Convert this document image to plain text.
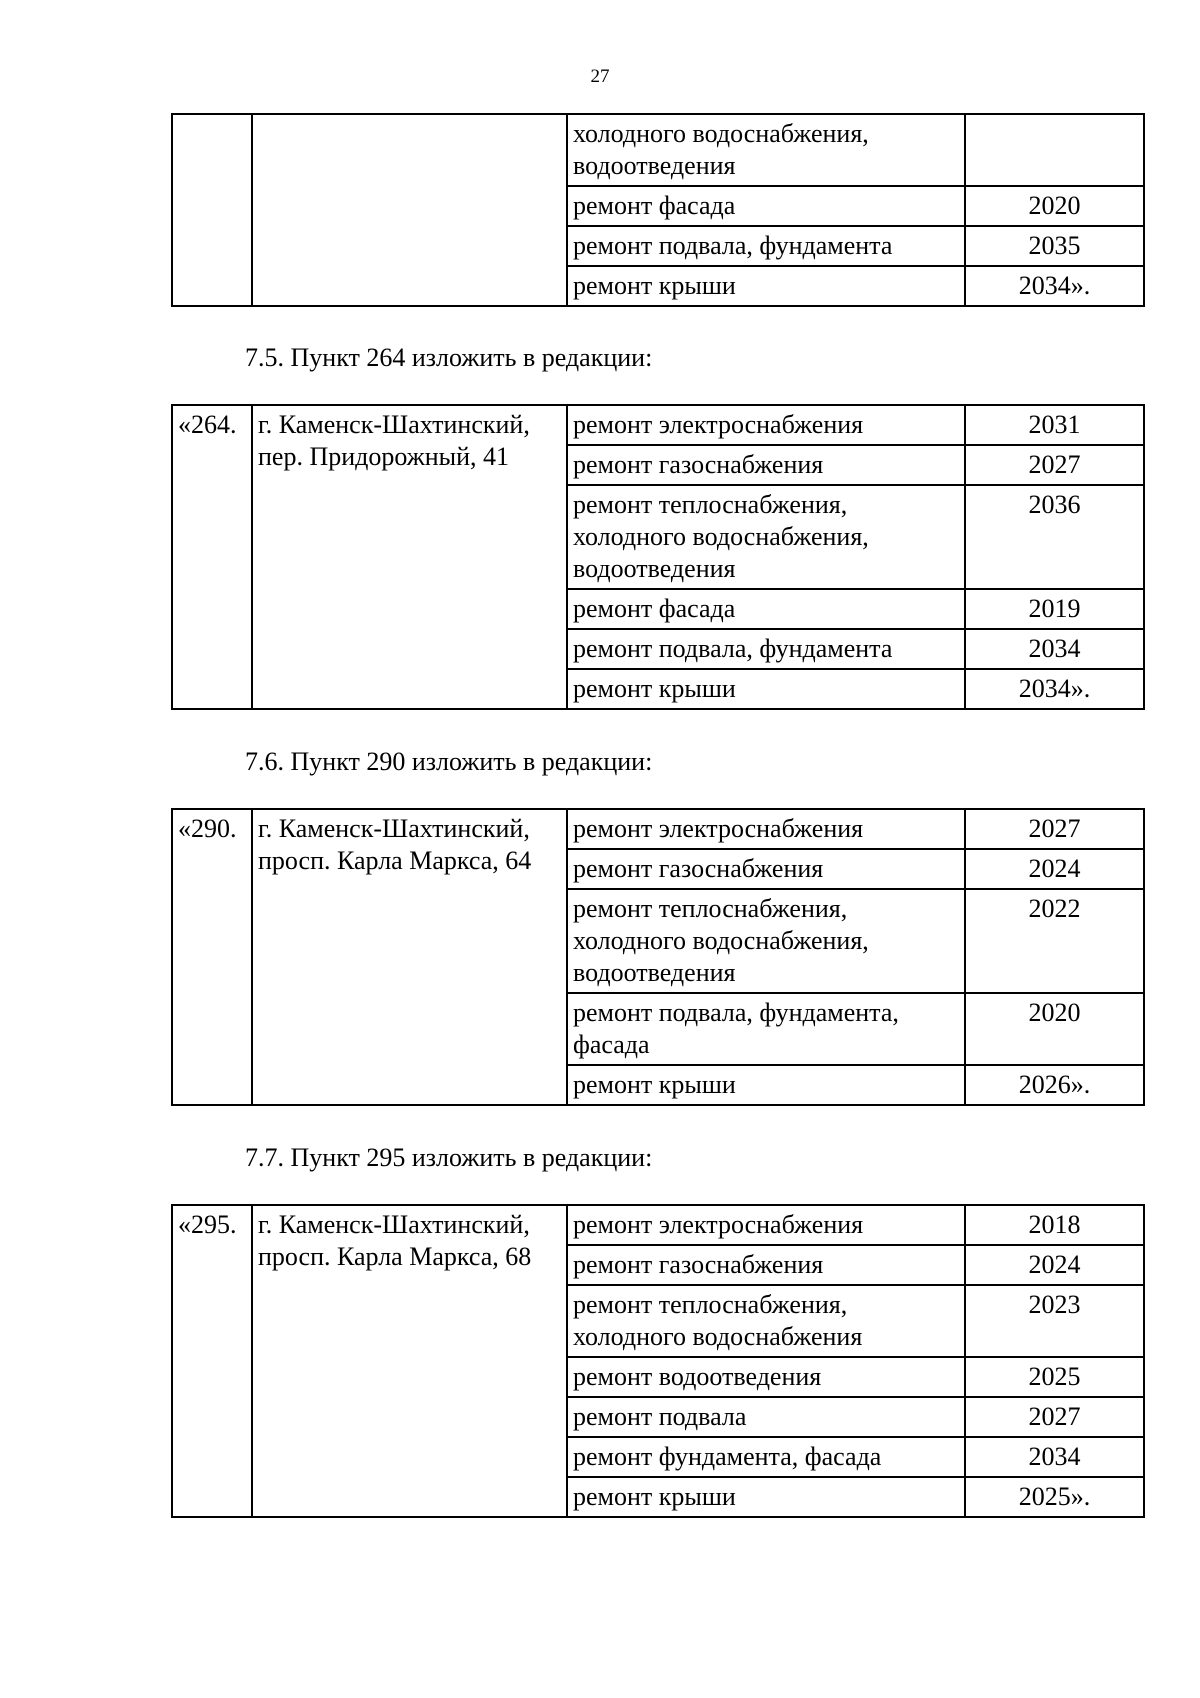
27
		холодного водоснабжения, водоотведения	
		ремонт фасада	2020
		ремонт подвала, фундамента	2035
		ремонт крыши	2034».
7.5. Пункт 264 изложить в редакции:
«264.	г. Каменск-Шахтинский, пер. Придорожный, 41	ремонт электроснабжения	2031
		ремонт газоснабжения	2027
		ремонт теплоснабжения, холодного водоснабжения, водоотведения	2036
		ремонт фасада	2019
		ремонт подвала, фундамента	2034
		ремонт крыши	2034».
7.6. Пункт 290 изложить в редакции:
«290.	г. Каменск-Шахтинский, просп. Карла Маркса, 64	ремонт электроснабжения	2027
		ремонт газоснабжения	2024
		ремонт теплоснабжения, холодного водоснабжения, водоотведения	2022
		ремонт подвала, фундамента, фасада	2020
		ремонт крыши	2026».
7.7. Пункт 295 изложить в редакции:
«295.	г. Каменск-Шахтинский, просп. Карла Маркса, 68	ремонт электроснабжения	2018
		ремонт газоснабжения	2024
		ремонт теплоснабжения, холодного водоснабжения	2023
		ремонт водоотведения	2025
		ремонт подвала	2027
		ремонт фундамента, фасада	2034
		ремонт крыши	2025».
